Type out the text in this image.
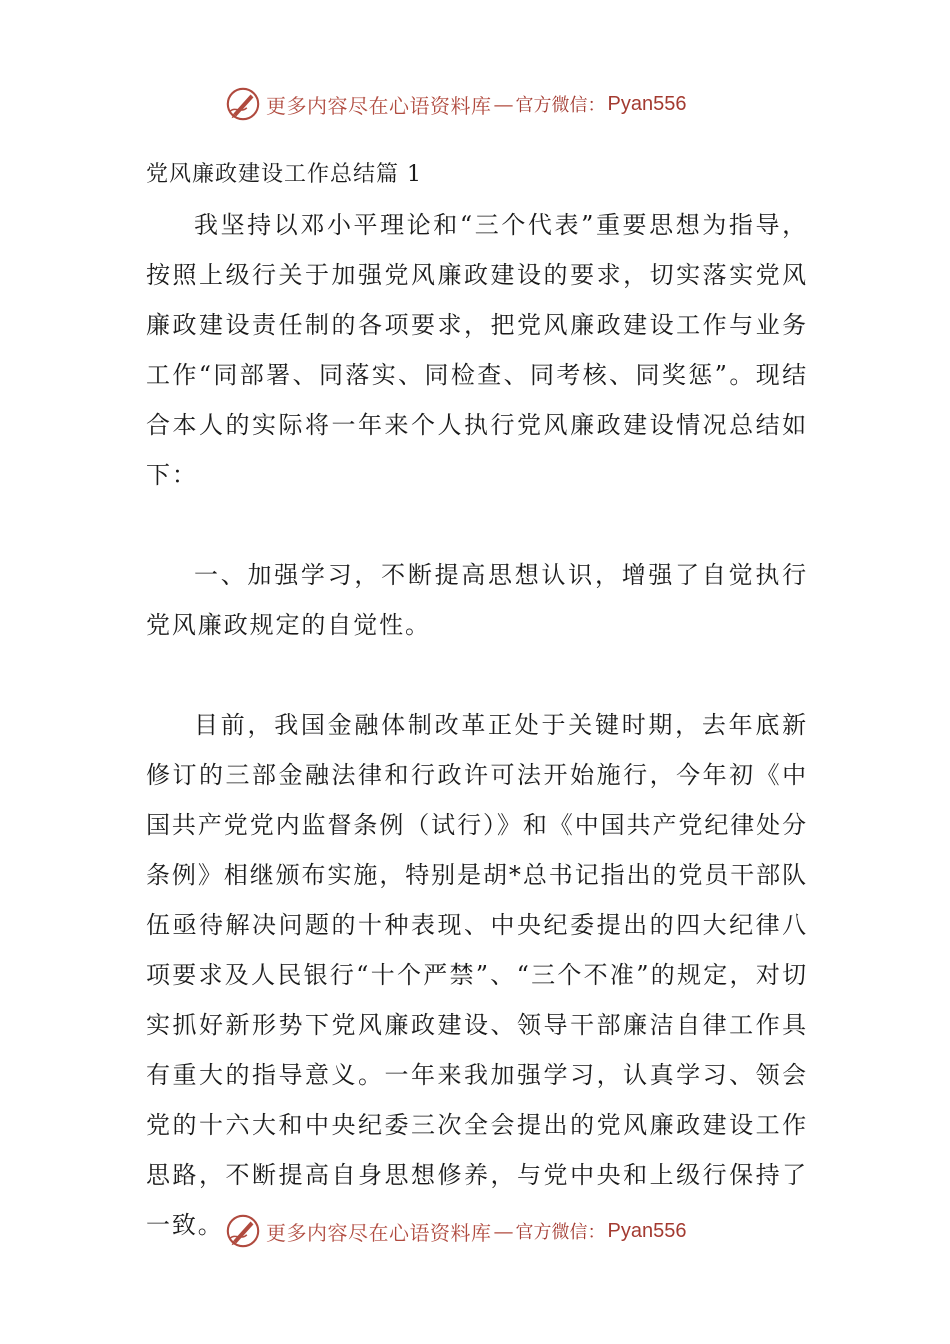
更多内容尽在心语资料库 — 官方微信： Pyan556
党风廉政建设工作总结篇 1

我坚持以邓小平理论和“三个代表”重要思想为指导，按照上级行关于加强党风廉政建设的要求，切实落实党风廉政建设责任制的各项要求，把党风廉政建设工作与业务工作“同部署、同落实、同检查、同考核、同奖惩”。现结合本人的实际将一年来个人执行党风廉政建设情况总结如下：

一、加强学习，不断提高思想认识，增强了自觉执行党风廉政规定的自觉性。

目前，我国金融体制改革正处于关键时期，去年底新修订的三部金融法律和行政许可法开始施行，今年初《中国共产党党内监督条例（试行）》和《中国共产党纪律处分条例》相继颁布实施，特别是胡*总书记指出的党员干部队伍亟待解决问题的十种表现、中央纪委提出的四大纪律八项要求及人民银行“十个严禁”、“三个不准”的规定，对切实抓好新形势下党风廉政建设、领导干部廉洁自律工作具有重大的指导意义。一年来我加强学习，认真学习、领会党的十六大和中央纪委三次全会提出的党风廉政建设工作思路，不断提高自身思想修养，与党中央和上级行保持了一致。	更多内容尽在心语资料库 — 官方微信： Pyan556
